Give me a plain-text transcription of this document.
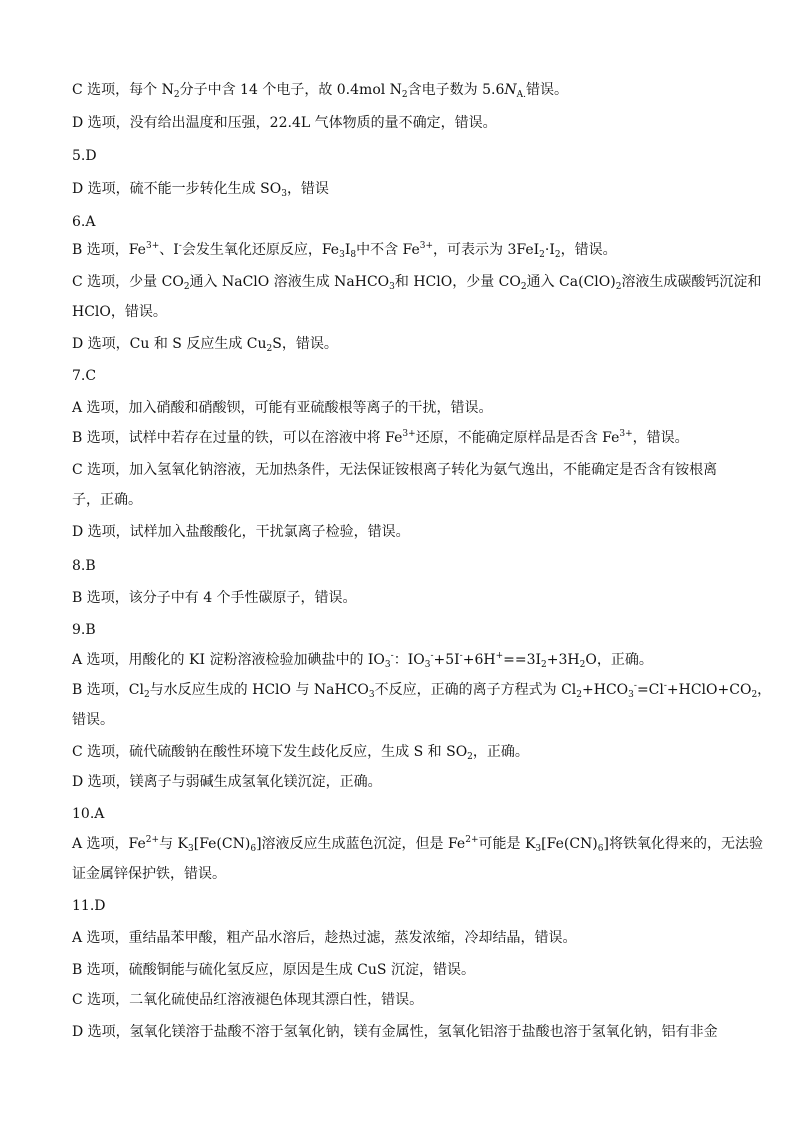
C 选项，每个 $N_2$分子中含 14 个电子，故 0.4mol $N_2$含电子数为 $5.6N_{A.}$错误。
D 选项，没有给出温度和压强，22.4L 气体物质的量不确定，错误。
5.D
D 选项，硫不能一步转化生成 $SO_3$，错误
6.A
B 选项，$Fe^{3+}$、I-会发生氧化还原反应，$Fe_3I_8$中不含 $Fe^{3+}$，可表示为 $3FeI_2\cdot I_2$，错误。
C 选项，少量 $CO_2$通入 NaClO 溶液生成 NaHCO$_3$和 HClO，少量 $CO_2$通入 $Ca(ClO)_2$溶液生成碳酸钙沉淀和
HClO，错误。
D 选项，Cu 和 S 反应生成 $Cu_2S$，错误。
7.C
A 选项，加入硝酸和硝酸钡，可能有亚硫酸根等离子的干扰，错误。
B 选项，试样中若存在过量的铁，可以在溶液中将 $Fe^{3+}$还原，不能确定原样品是否含 $Fe^{3+}$，错误。
C 选项，加入氢氧化钠溶液，无加热条件，无法保证铵根离子转化为氨气逸出，不能确定是否含有铵根离
子，正确。
D 选项，试样加入盐酸酸化，干扰氯离子检验，错误。
8.B
B 选项，该分子中有 4 个手性碳原子，错误。
9.B
A 选项，用酸化的 KI 淀粉溶液检验加碘盐中的 $IO_3^-$：$IO_3^-+5I^-+6H^+==3I_2+3H_2O$，正确。
B 选项，$Cl_2$与水反应生成的 HClO 与 NaHCO$_3$不反应，正确的离子方程式为 $Cl_2+HCO_3^-=Cl^-+HClO+CO_2$，
错误。
C 选项，硫代硫酸钠在酸性环境下发生歧化反应，生成 S 和 $SO_2$，正确。
D 选项，镁离子与弱碱生成氢氧化镁沉淀，正确。
10.A
A 选项，$Fe^{2+}$与 $K_3[Fe(CN)_6]$溶液反应生成蓝色沉淀，但是 $Fe^{2+}$可能是 $K_3[Fe(CN)_6]$将铁氧化得来的，无法验
证金属锌保护铁，错误。
11.D
A 选项，重结晶苯甲酸，粗产品水溶后，趁热过滤，蒸发浓缩，冷却结晶，错误。
B 选项，硫酸铜能与硫化氢反应，原因是生成 CuS 沉淀，错误。
C 选项，二氧化硫使品红溶液褪色体现其漂白性，错误。
D 选项，氢氧化镁溶于盐酸不溶于氢氧化钠，镁有金属性，氢氧化铝溶于盐酸也溶于氢氧化钠，铝有非金
